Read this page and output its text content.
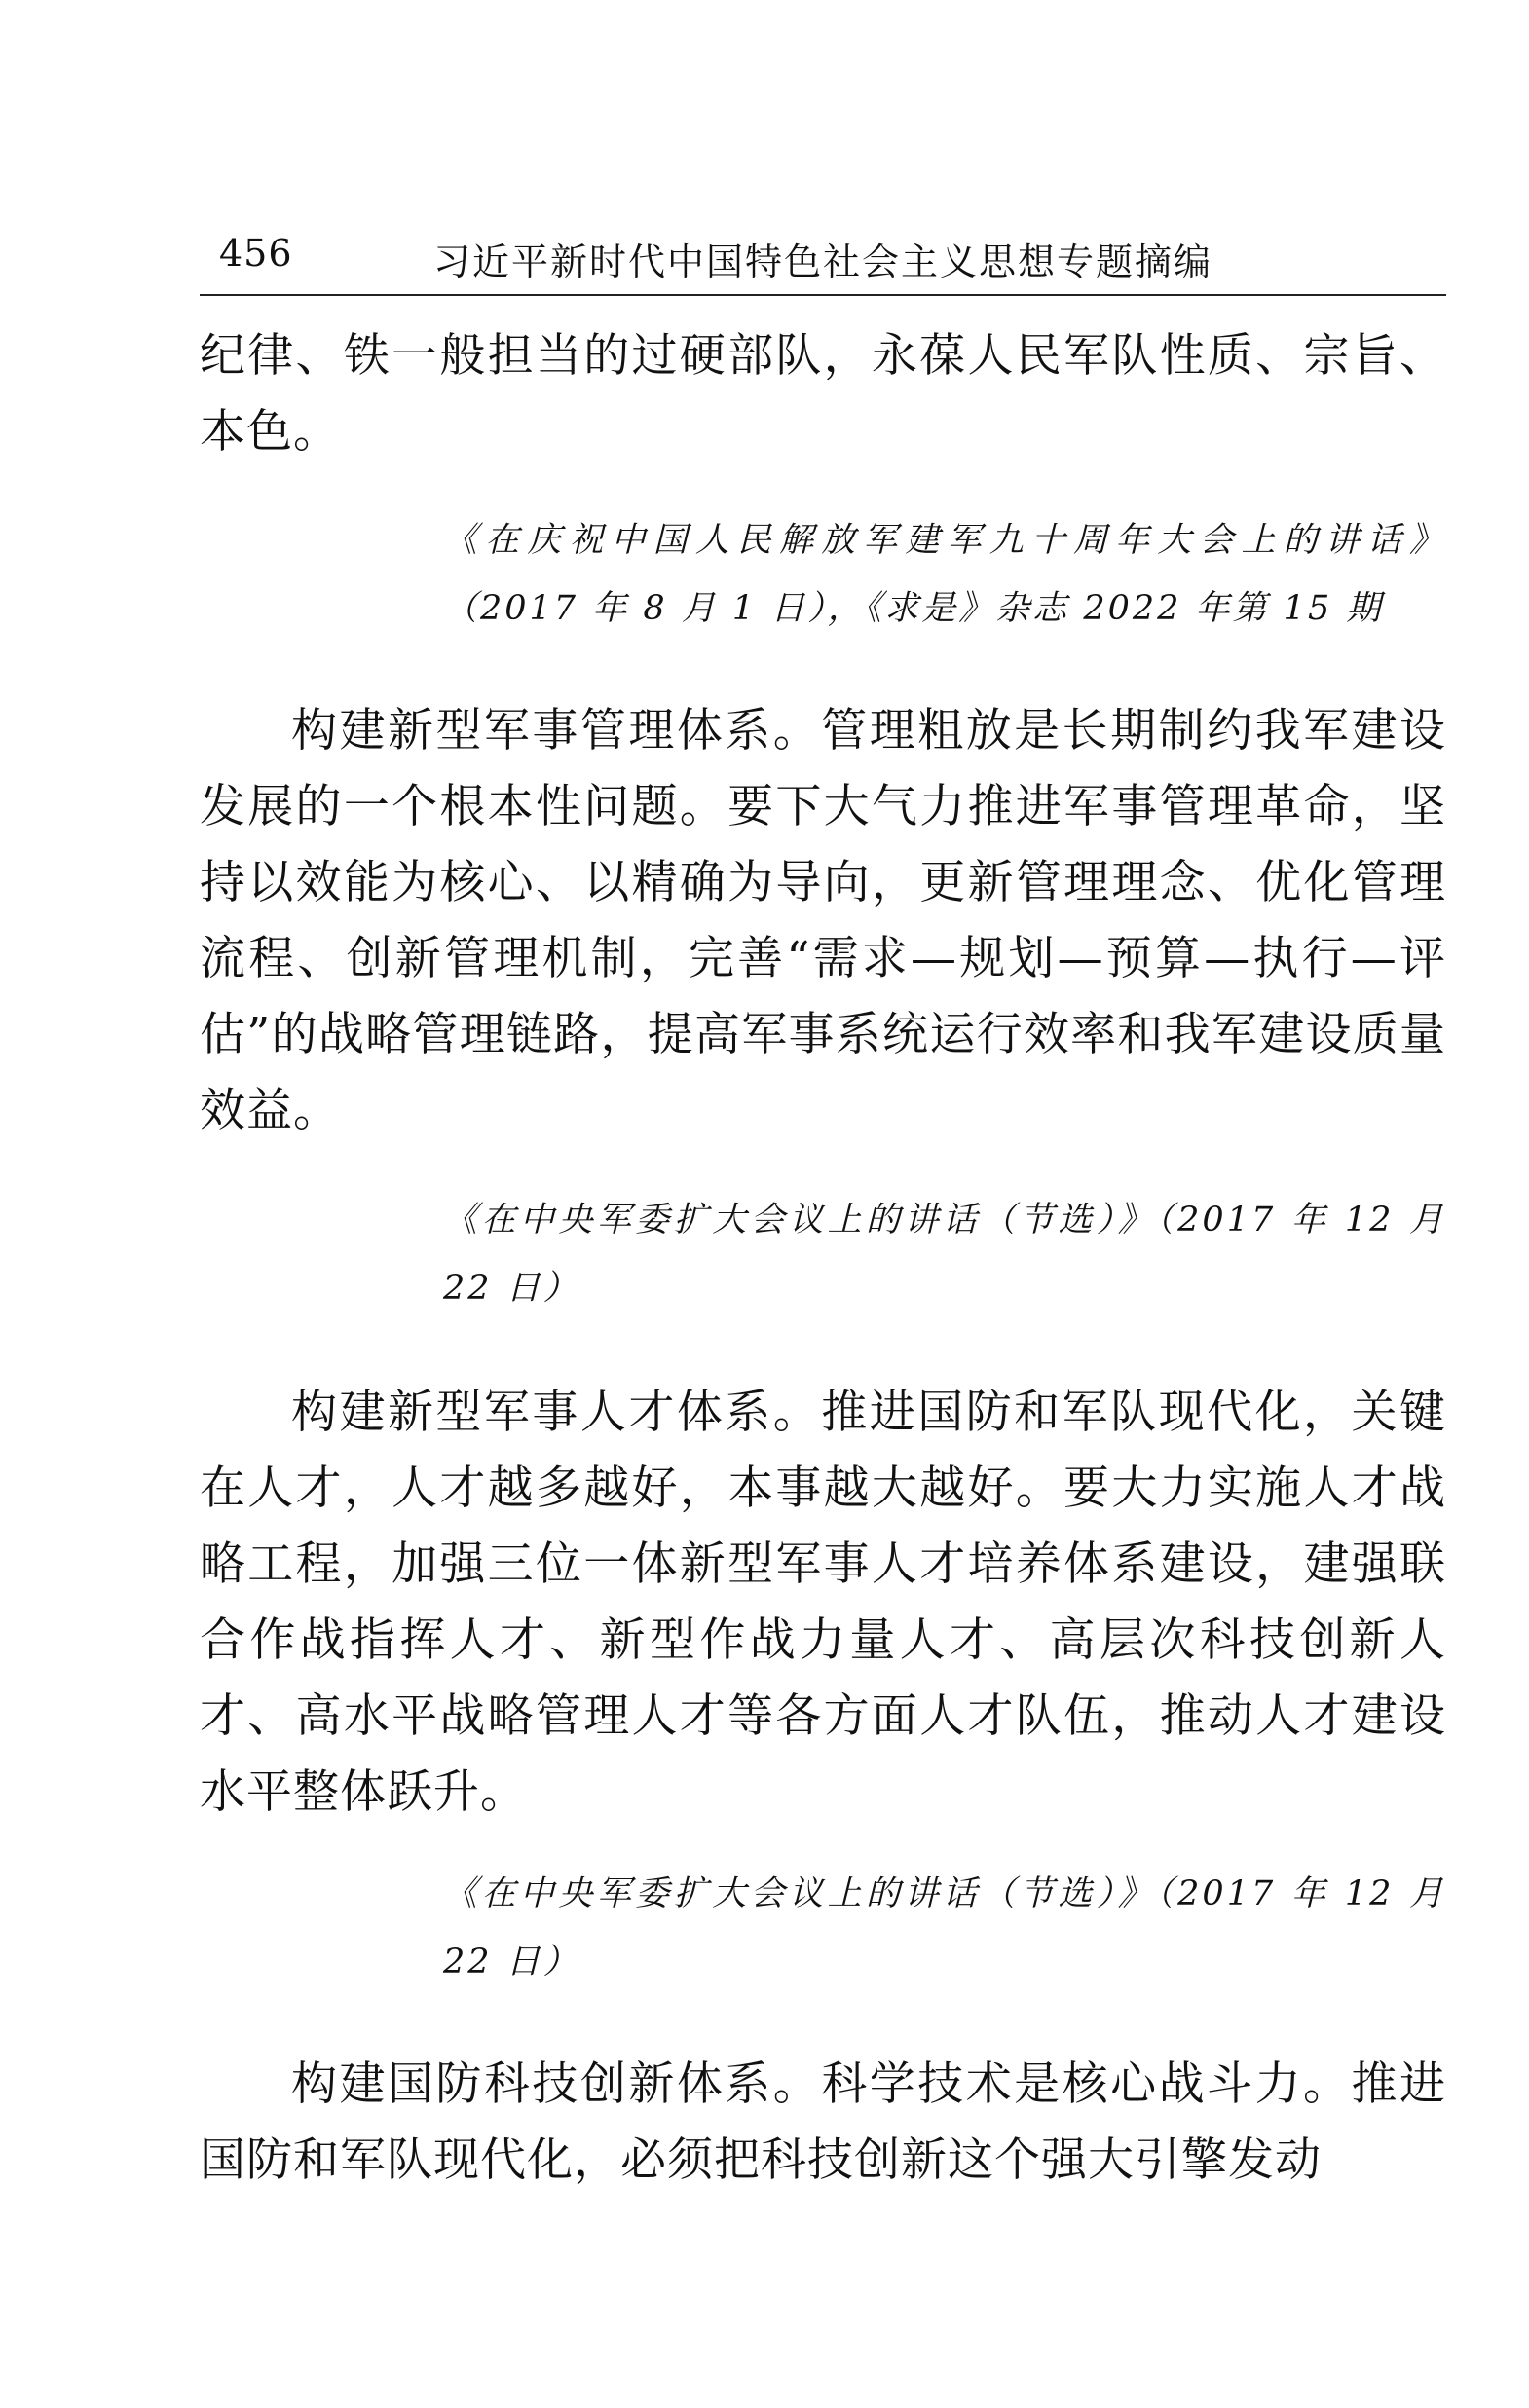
456	习近平新时代中国特色社会主义思想专题摘编

纪律、铁一般担当的过硬部队，永葆人民军队性质、宗旨、本色。

《在庆祝中国人民解放军建军九十周年大会上的讲话》（2017 年 8 月 1 日），《求是》杂志 2022 年第 15 期

构建新型军事管理体系。管理粗放是长期制约我军建设发展的一个根本性问题。要下大气力推进军事管理革命，坚持以效能为核心、以精确为导向，更新管理理念、优化管理流程、创新管理机制，完善“需求—规划—预算—执行—评估”的战略管理链路，提高军事系统运行效率和我军建设质量效益。

《在中央军委扩大会议上的讲话（节选）》（2017 年 12 月 22 日）

构建新型军事人才体系。推进国防和军队现代化，关键在人才，人才越多越好，本事越大越好。要大力实施人才战略工程，加强三位一体新型军事人才培养体系建设，建强联合作战指挥人才、新型作战力量人才、高层次科技创新人才、高水平战略管理人才等各方面人才队伍，推动人才建设水平整体跃升。

《在中央军委扩大会议上的讲话（节选）》（2017 年 12 月 22 日）

构建国防科技创新体系。科学技术是核心战斗力。推进国防和军队现代化，必须把科技创新这个强大引擎发动
